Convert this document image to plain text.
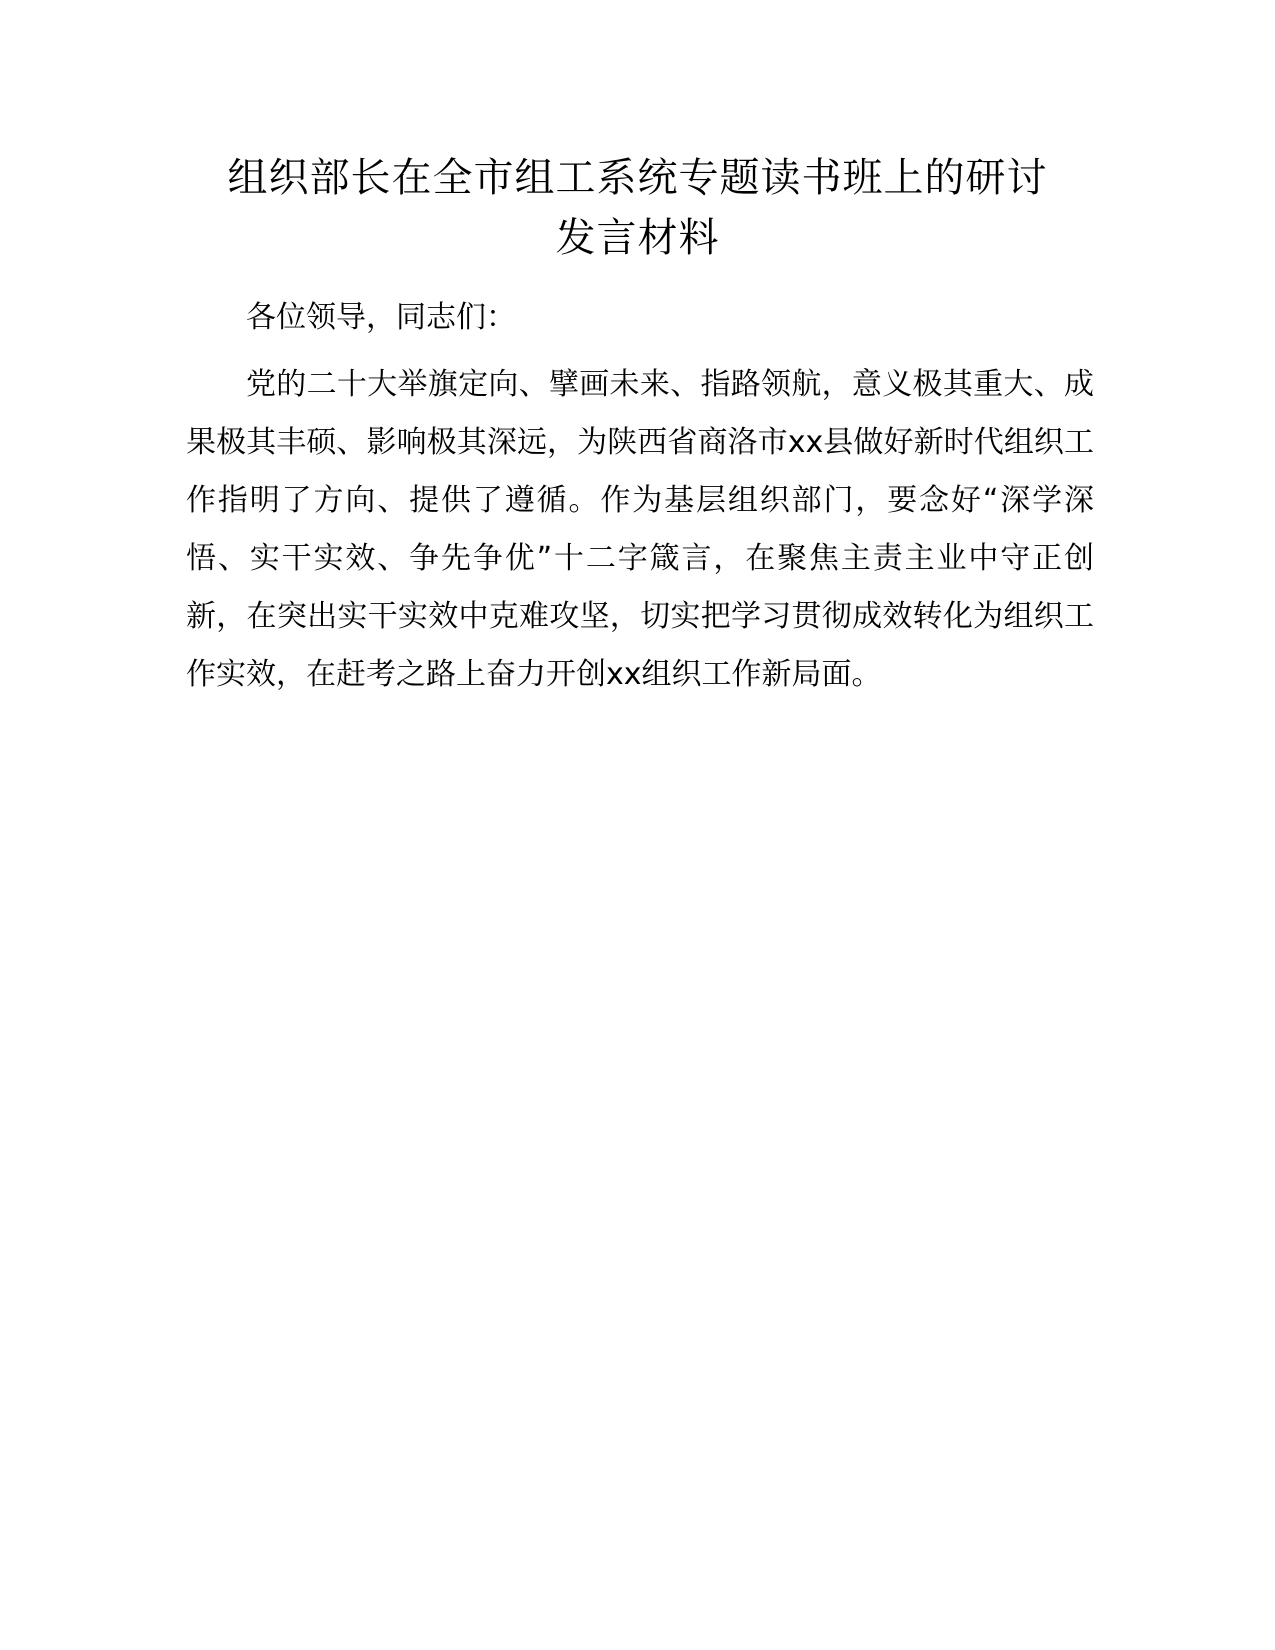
组织部长在全市组工系统专题读书班上的研讨
发言材料

各位领导，同志们：

党的二十大举旗定向、擘画未来、指路领航，意义极其重大、成果极其丰硕、影响极其深远，为陕西省商洛市xx县做好新时代组织工作指明了方向、提供了遵循。作为基层组织部门，要念好“深学深悟、实干实效、争先争优”十二字箴言，在聚焦主责主业中守正创新，在突出实干实效中克难攻坚，切实把学习贯彻成效转化为组织工作实效，在赶考之路上奋力开创xx组织工作新局面。
